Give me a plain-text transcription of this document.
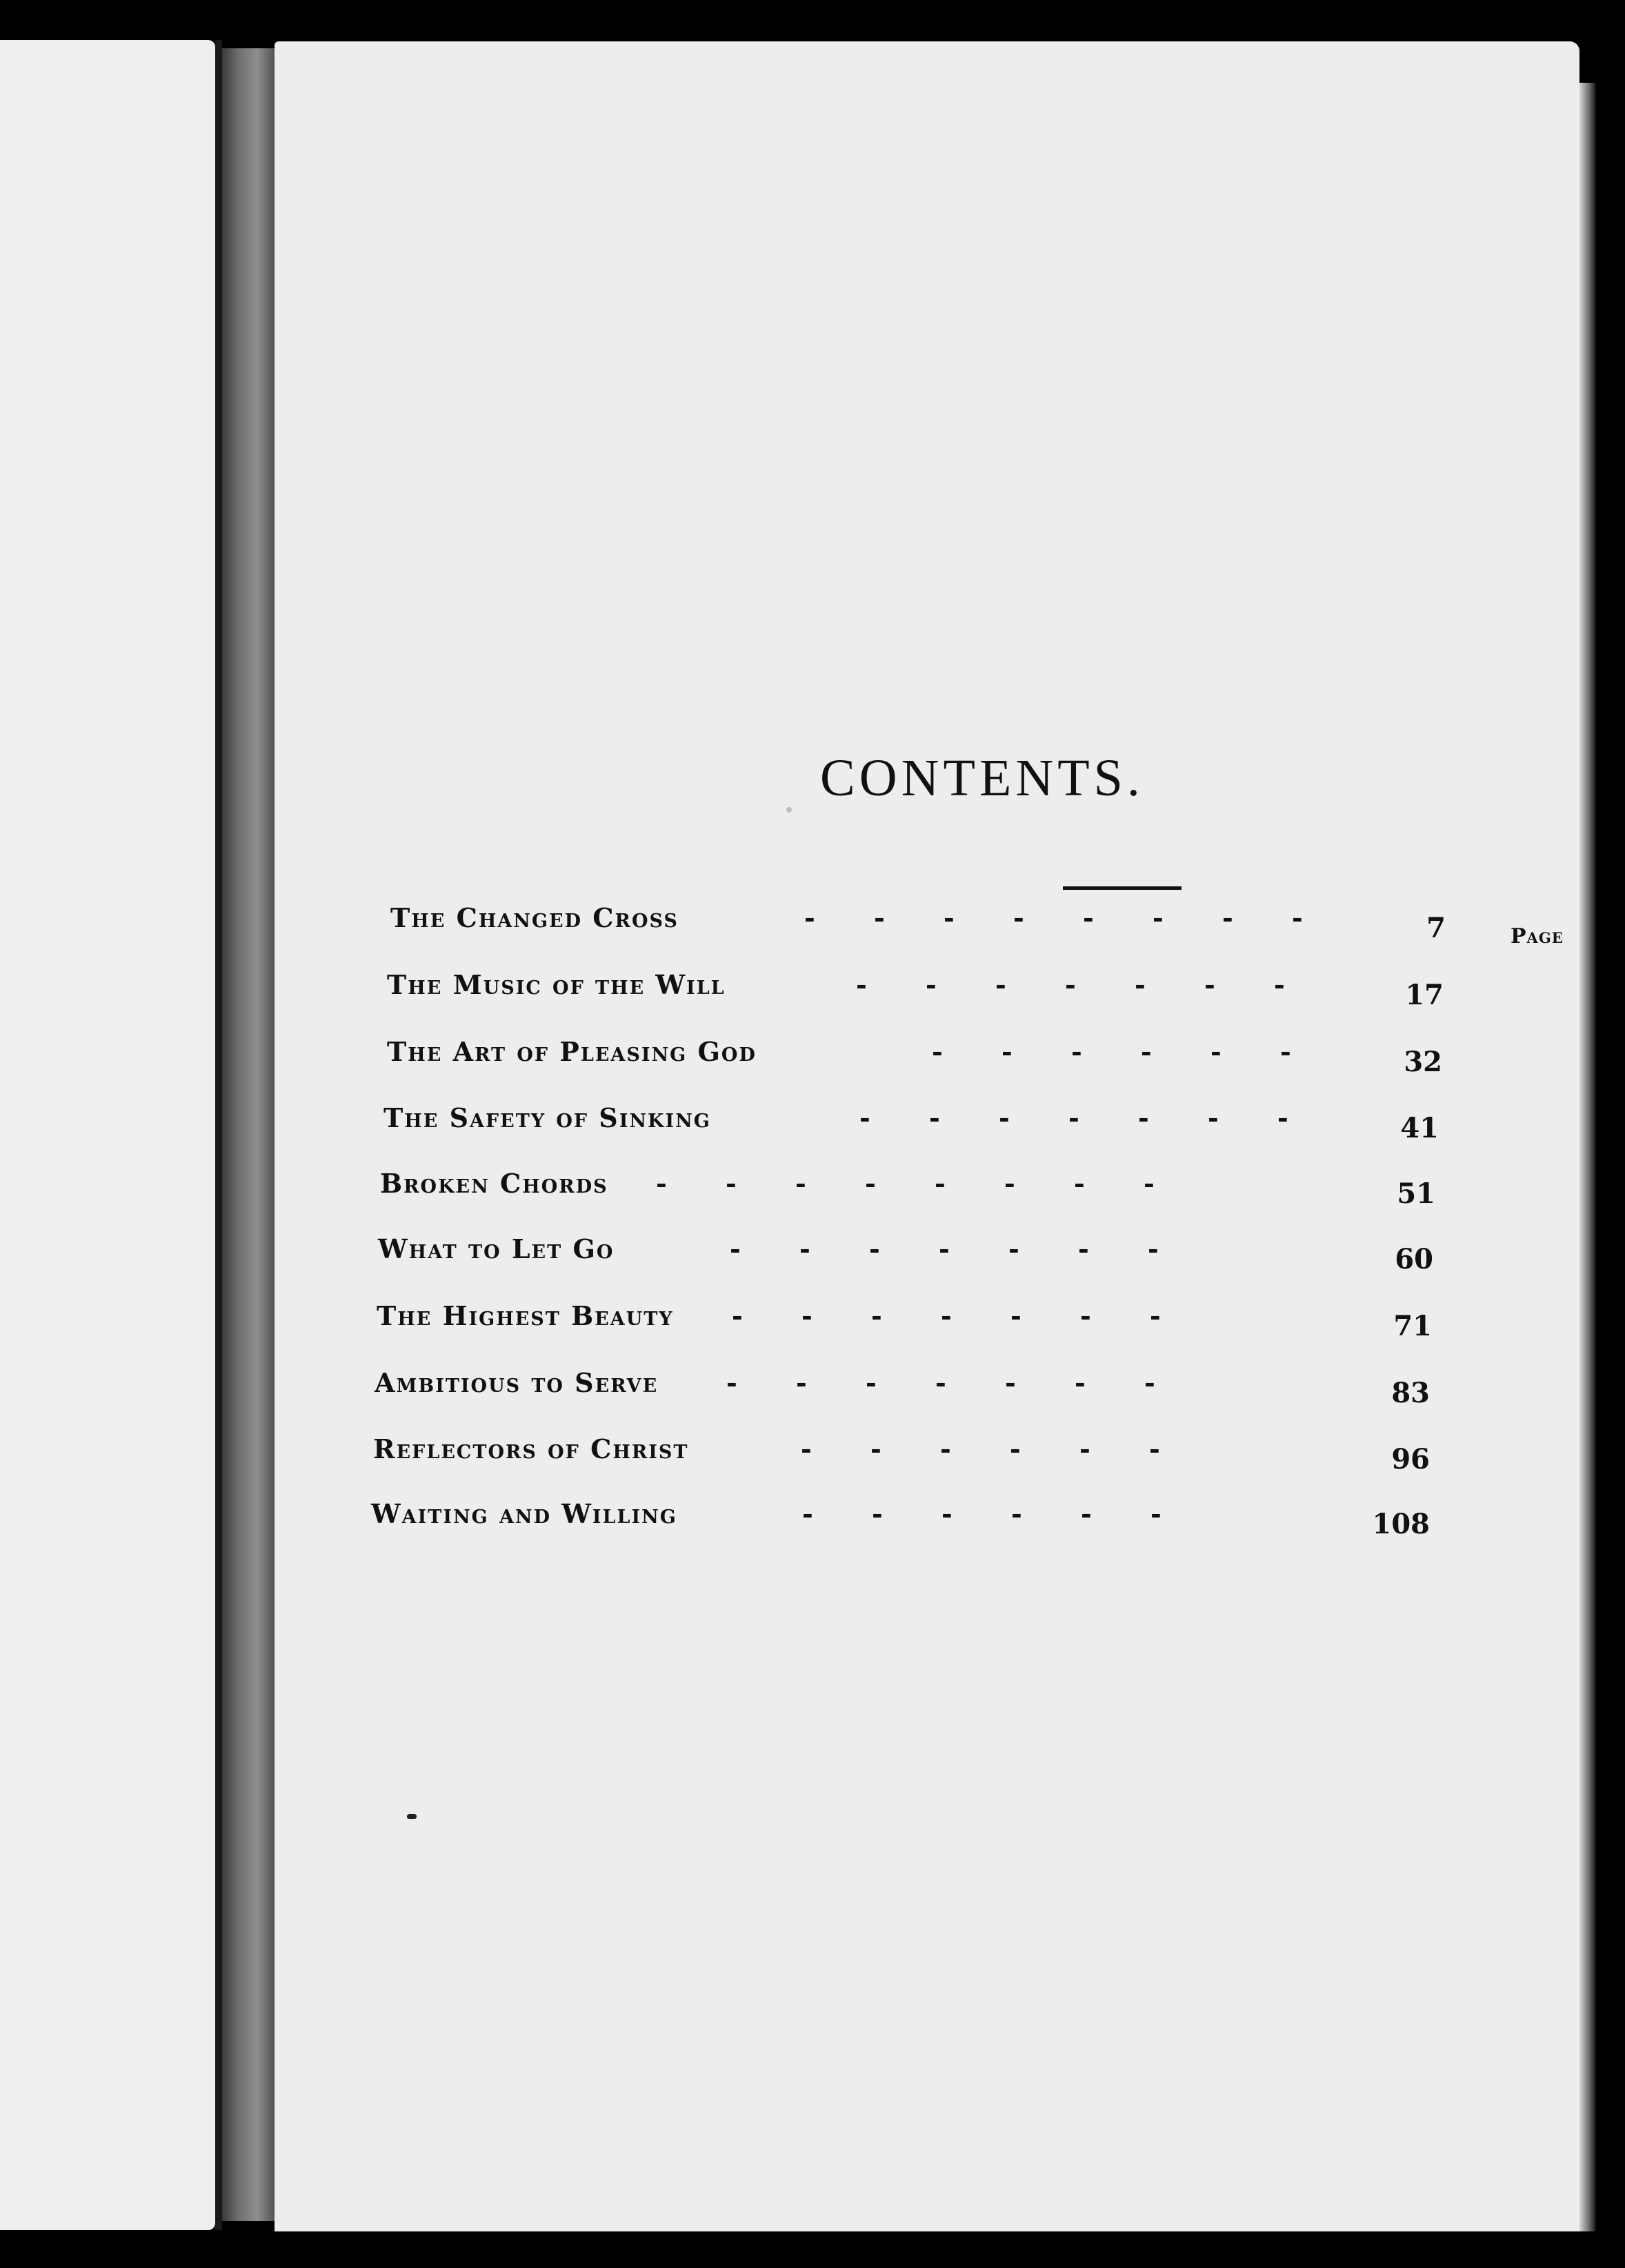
CONTENTS.
Page
The Changed Cross	- - - - - - - -	7
The Music of the Will	- - - - - - -	17
The Art of Pleasing God	- - - - - -	32
The Safety of Sinking	- - - - - - -	41
Broken Chords - - - - - - - -	51
What to Let Go	- - - - - - -	60
The Highest Beauty - - - - - - -	71
Ambitious to Serve	- - - - - - -	83
Reflectors of Christ	- - - - - -	96
Waiting and Willing	- - - - - -	108
